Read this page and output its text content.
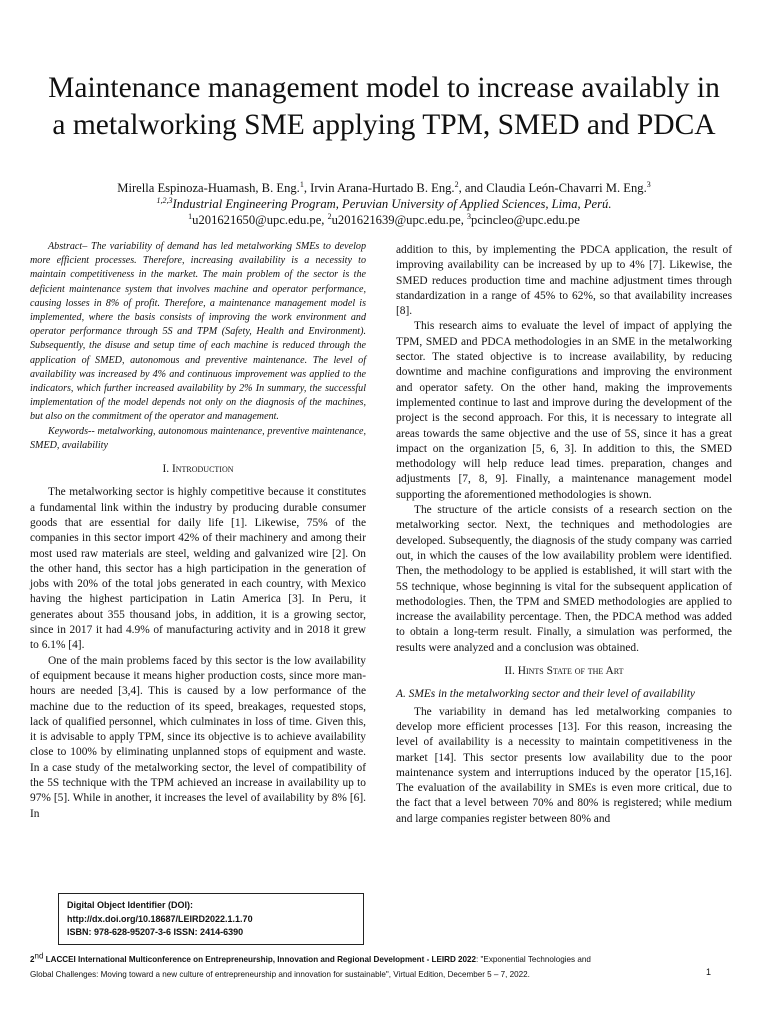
Maintenance management model to increase availably in a metalworking SME applying TPM, SMED and PDCA
Mirella Espinoza-Huamash, B. Eng.$^1$, Irvin Arana-Hurtado B. Eng.$^2$, and Claudia León-Chavarri M. Eng.$^3$
$^{1,2,3}$Industrial Engineering Program, Peruvian University of Applied Sciences, Lima, Perú.
$^1$u201621650@upc.edu.pe, $^2$u201621639@upc.edu.pe, $^3$pcincleo@upc.edu.pe

Abstract– The variability of demand has led metalworking SMEs to develop more efficient processes. Therefore, increasing availability is a necessity to maintain competitiveness in the market. The main problem of the sector is the deficient maintenance system that involves machine and operator performance, causing losses in 8% of profit. Therefore, a maintenance management model is implemented, where the basis consists of improving the work environment and operator performance through 5S and TPM (Safety, Health and Environment). Subsequently, the disuse and setup time of each machine is reduced through the application of SMED, autonomous and preventive maintenance. The level of availability was increased by 4% and continuous improvement was applied to the indicators, which further increased availability by 2% In summary, the successful implementation of the model depends not only on the diagnosis of the machines, but also on the commitment of the operator and management.

Keywords-- metalworking, autonomous maintenance, preventive maintenance, SMED, availability

I. Introduction

The metalworking sector is highly competitive because it constitutes a fundamental link within the industry by producing durable consumer goods that are essential for daily life [1]. Likewise, 75% of the companies in this sector import 42% of their machinery and among their most used raw materials are steel, welding and galvanized wire [2]. On the other hand, this sector has a high participation in the generation of jobs with 20% of the total jobs generated in each country, with Mexico having the highest participation in Latin America [3]. In Peru, it generates about 355 thousand jobs, in addition, it is a growing sector, since in 2017 it had 4.9% of manufacturing activity and in 2018 it grew to 6.1% [4].

One of the main problems faced by this sector is the low availability of equipment because it means higher production costs, since more man-hours are needed [3,4]. This is caused by a low performance of the machine due to the reduction of its speed, breakages, requested stops, lack of qualified personnel, which culminates in loss of time. Given this, it is advisable to apply TPM, since its objective is to achieve availability close to 100% by eliminating unplanned stops of equipment and waste. In a case study of the metalworking sector, the level of compatibility of the 5S technique with the TPM achieved an increase in availability up to 97% [5]. While in another, it increases the level of availability by 8% [6]. In

addition to this, by implementing the PDCA application, the result of improving availability can be increased by up to 4% [7]. Likewise, the SMED reduces production time and machine adjustment times through standardization in a range of 45% to 62%, so that availability increases [8].

This research aims to evaluate the level of impact of applying the TPM, SMED and PDCA methodologies in an SME in the metalworking sector. The stated objective is to increase availability, by reducing downtime and machine configurations and improving the environment and operator safety. On the other hand, making the improvements implemented continue to last and improve during the development of the project is the second approach. For this, it is necessary to integrate all areas towards the same objective and the use of 5S, since it has a great impact on the organization [5, 6, 3]. In addition to this, the SMED methodology will help reduce lead times. preparation, changes and adjustments [7, 8, 9]. Finally, a maintenance management model supporting the aforementioned methodologies is shown.

The structure of the article consists of a research section on the metalworking sector. Next, the techniques and methodologies are developed. Subsequently, the diagnosis of the study company was carried out, in which the causes of the low availability problem were identified. Then, the methodology to be applied is established, it will start with the 5S technique, whose beginning is vital for the subsequent application of methodologies. Then, the TPM and SMED methodologies are applied to increase the availability percentage. Then, the PDCA method was added to obtain a long-term result. Finally, a simulation was performed, the results were analyzed and a conclusion was obtained.

II. Hints State of the Art
A. SMEs in the metalworking sector and their level of availability

The variability in demand has led metalworking companies to develop more efficient processes [13]. For this reason, increasing the level of availability is a necessity to maintain competitiveness in the market [14]. This sector presents low availability due to the poor maintenance system and interruptions induced by the operator [15,16]. The evaluation of the availability in SMEs is even more critical, due to the fact that a level between 70% and 80% is registered; while medium and large companies register between 80% and

Digital Object Identifier (DOI):
http://dx.doi.org/10.18687/LEIRD2022.1.1.70
ISBN: 978-628-95207-3-6 ISSN: 2414-6390
2nd LACCEI International Multiconference on Entrepreneurship, Innovation and Regional Development - LEIRD 2022: "Exponential Technologies and
Global Challenges: Moving toward a new culture of entrepreneurship and innovation for sustainable", Virtual Edition, December 5 – 7, 2022.	1
